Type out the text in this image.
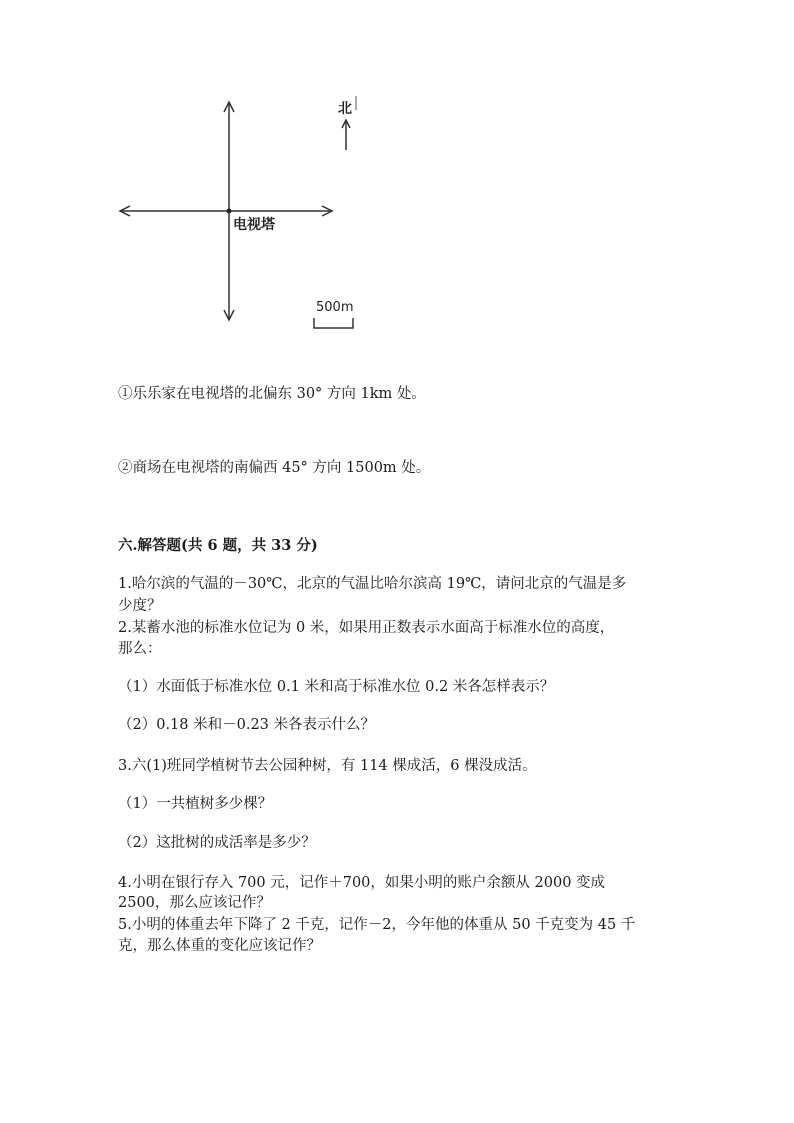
北
电视塔
500m
①乐乐家在电视塔的北偏东 30° 方向 1km 处。
②商场在电视塔的南偏西 45° 方向 1500m 处。
六.解答题(共 6 题，共 33 分)
1.哈尔滨的气温的－30℃，北京的气温比哈尔滨高 19℃，请问北京的气温是多
少度？
2.某蓄水池的标准水位记为 0 米，如果用正数表示水面高于标准水位的高度，
那么：
（1）水面低于标准水位 0.1 米和高于标准水位 0.2 米各怎样表示？
（2）0.18 米和－0.23 米各表示什么？
3.六(1)班同学植树节去公园种树，有 114 棵成活，6 棵没成活。
（1）一共植树多少棵？
（2）这批树的成活率是多少？
4.小明在银行存入 700 元，记作＋700，如果小明的账户余额从 2000 变成
2500，那么应该记作？
5.小明的体重去年下降了 2 千克，记作－2，今年他的体重从 50 千克变为 45 千
克，那么体重的变化应该记作？
